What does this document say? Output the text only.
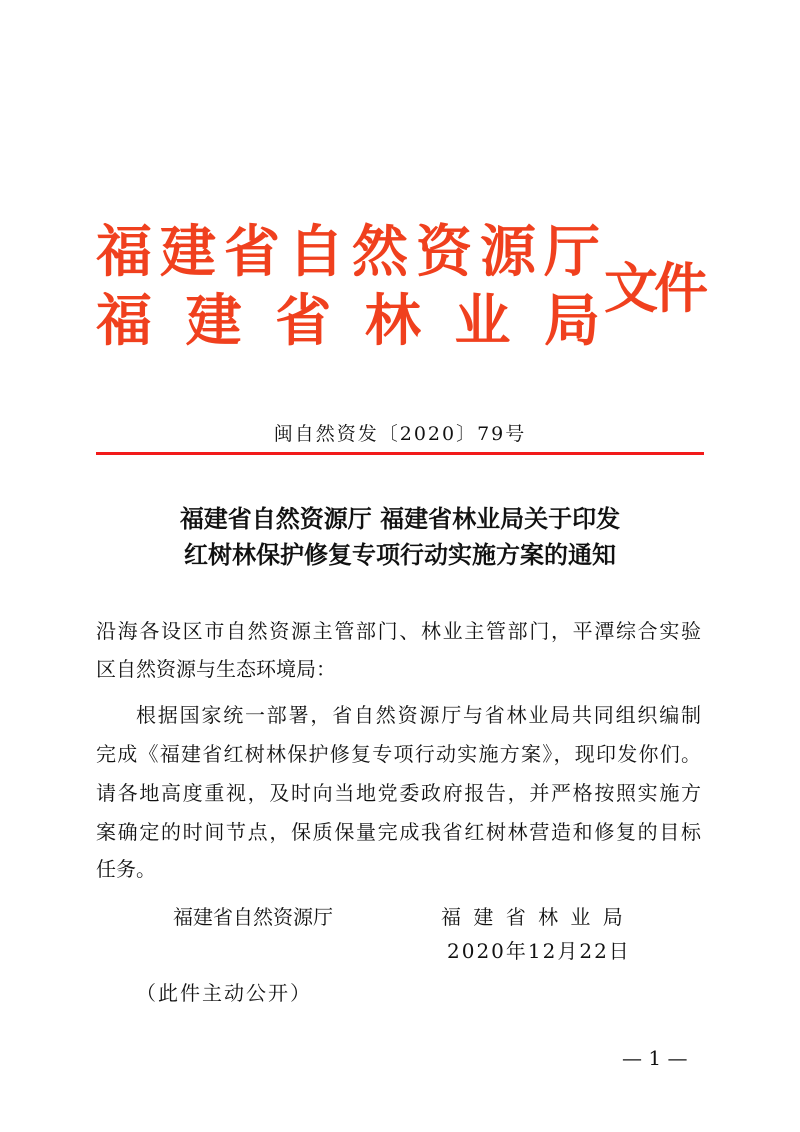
福建省自然资源厅
福建省林业局
文件
闽自然资发〔2020〕79号
福建省自然资源厅 福建省林业局关于印发
红树林保护修复专项行动实施方案的通知
沿海各设区市自然资源主管部门、林业主管部门，平潭综合实验
区自然资源与生态环境局：
根据国家统一部署，省自然资源厅与省林业局共同组织编制
完成《福建省红树林保护修复专项行动实施方案》，现印发你们。
请各地高度重视，及时向当地党委政府报告，并严格按照实施方
案确定的时间节点，保质保量完成我省红树林营造和修复的目标
任务。
福建省自然资源厅	福 建 省 林 业 局
2020年12月22日
（此件主动公开）
— 1 —
